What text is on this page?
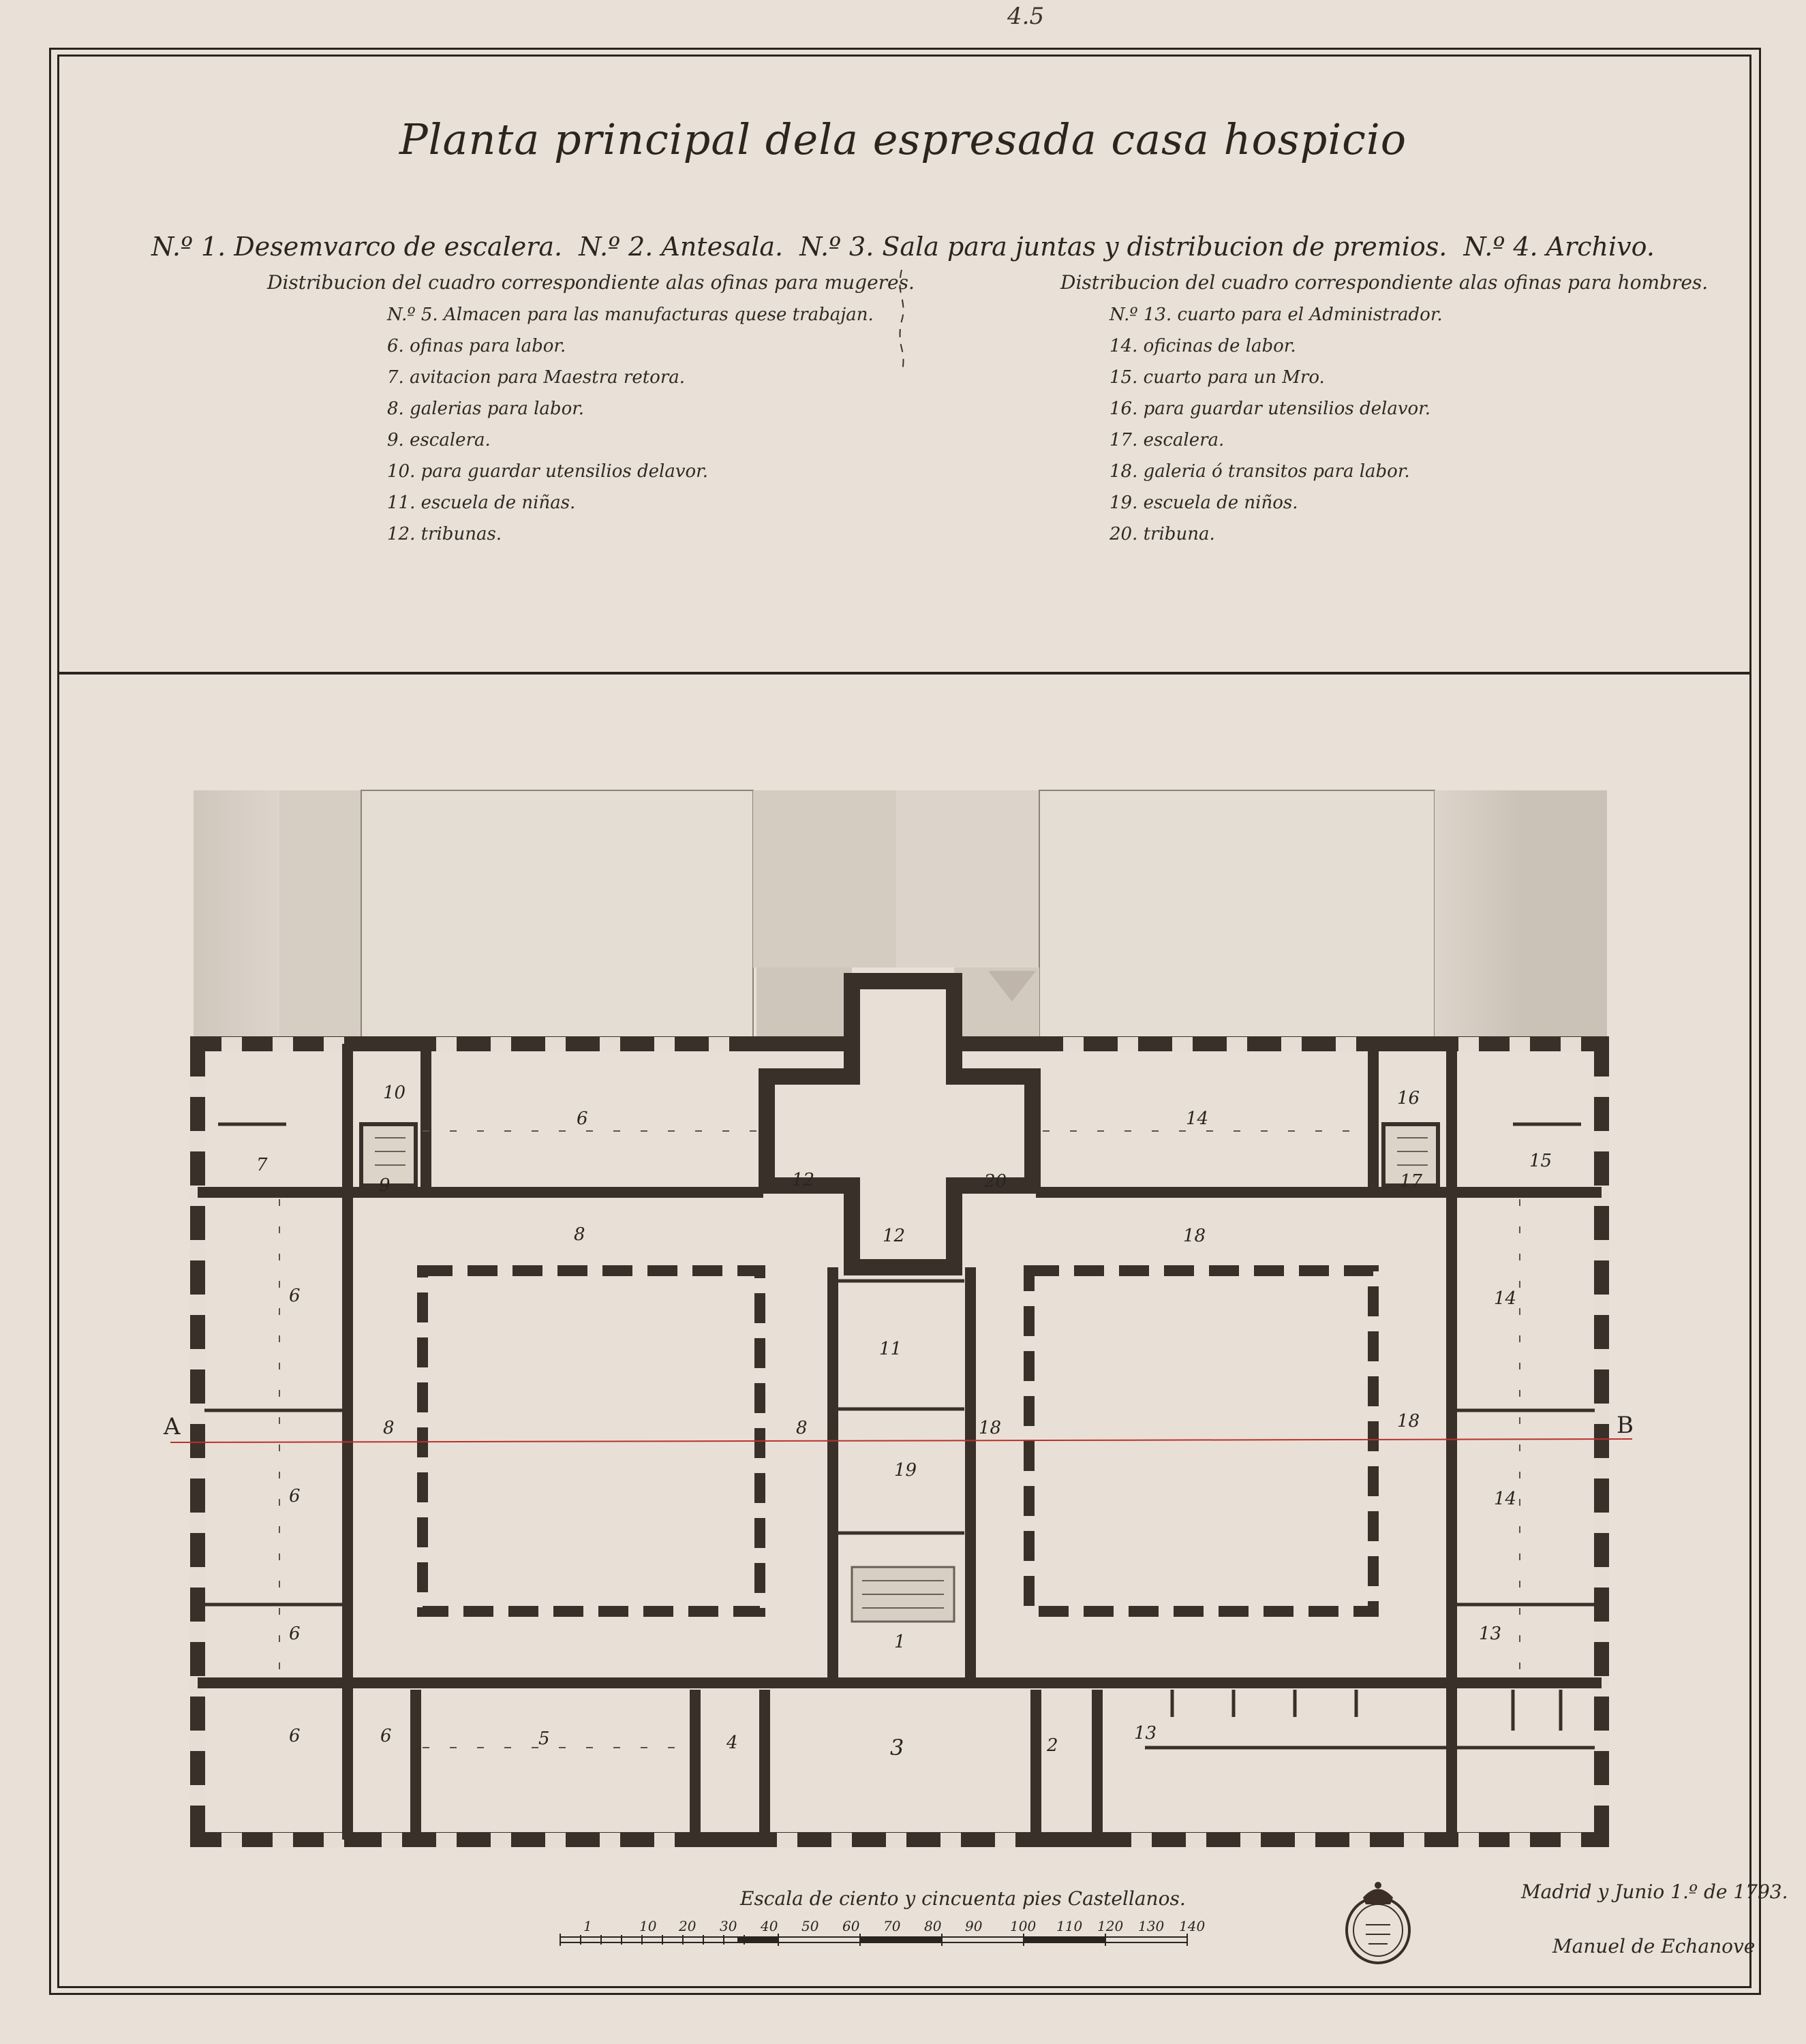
4.5
Planta principal dela espresada casa hospicio
N.º 1. Desemvarco de escalera. N.º 2. Antesala. N.º 3. Sala para juntas y distribucion de premios. N.º 4. Archivo.
Distribucion del cuadro correspondiente alas ofinas para mugeres.
N.º 5. Almacen para las manufacturas quese trabajan.
6. ofinas para labor.
7. avitacion para Maestra retora.
8. galerias para labor.
9. escalera.
10. para guardar utensilios delavor.
11. escuela de niñas.
12. tribunas.
Distribucion del cuadro correspondiente alas ofinas para hombres.
N.º 13. cuarto para el Administrador.
14. oficinas de labor.
15. cuarto para un Mro.
16. para guardar utensilios delavor.
17. escalera.
18. galeria ó transitos para labor.
19. escuela de niños.
20. tribuna.
A	B
10
6
7
9	12	20
14
16
17
15
8	12	18
6
6
14
8	8	18	18
11
19
1
6
14
13
6	6	5	4	3	2
13
1	10 20 30 40 50 60 70 80 90 100 110 120 130 140
Escala de ciento y cincuenta pies Castellanos.	Madrid y Junio 1.º de 1793.
Manuel de Echanove
